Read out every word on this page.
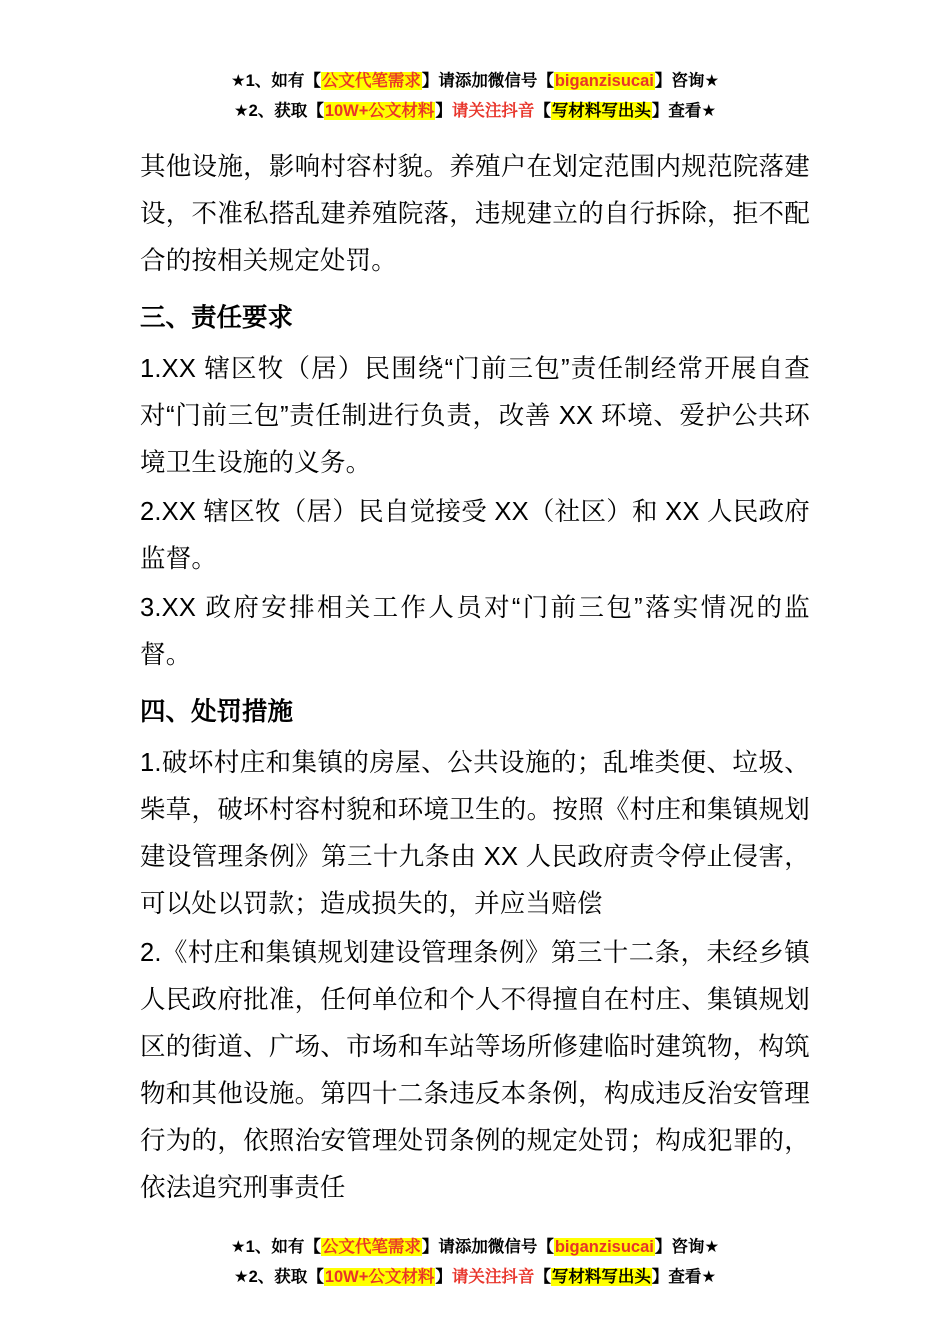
★1、如有【公文代笔需求】请添加微信号【biganzisucai】咨询★
★2、获取【10W+公文材料】请关注抖音【写材料写出头】查看★

其他设施，影响村容村貌。养殖户在划定范围内规范院落建设，不准私搭乱建养殖院落，违规建立的自行拆除，拒不配合的按相关规定处罚。

三、责任要求

1.XX 辖区牧（居）民围绕“门前三包”责任制经常开展自查对“门前三包”责任制进行负责，改善 XX 环境、爱护公共环境卫生设施的义务。

2.XX 辖区牧（居）民自觉接受 XX（社区）和 XX 人民政府监督。

3.XX 政府安排相关工作人员对“门前三包”落实情况的监督。

四、处罚措施

1.破坏村庄和集镇的房屋、公共设施的；乱堆类便、垃圾、柴草，破坏村容村貌和环境卫生的。按照《村庄和集镇规划建设管理条例》第三十九条由 XX 人民政府责令停止侵害，可以处以罚款；造成损失的，并应当赔偿

2.《村庄和集镇规划建设管理条例》第三十二条，未经乡镇人民政府批准，任何单位和个人不得擅自在村庄、集镇规划区的街道、广场、市场和车站等场所修建临时建筑物，构筑物和其他设施。第四十二条违反本条例，构成违反治安管理行为的，依照治安管理处罚条例的规定处罚；构成犯罪的，依法追究刑事责任

★1、如有【公文代笔需求】请添加微信号【biganzisucai】咨询★
★2、获取【10W+公文材料】请关注抖音【写材料写出头】查看★
